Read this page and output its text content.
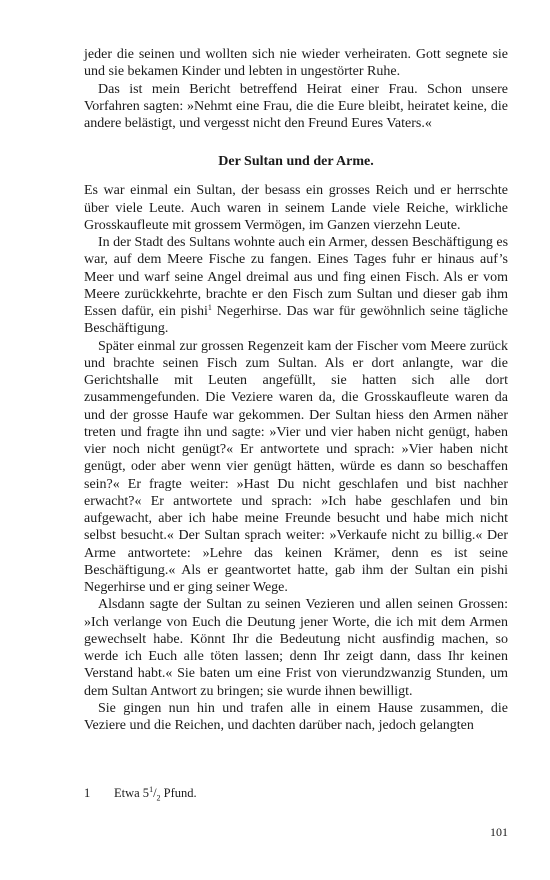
jeder die seinen und wollten sich nie wieder verheiraten. Gott segnete sie und sie bekamen Kinder und lebten in ungestörter Ruhe.

Das ist mein Bericht betreffend Heirat einer Frau. Schon unsere Vorfahren sagten: »Nehmt eine Frau, die die Eure bleibt, heiratet keine, die andere belästigt, und vergesst nicht den Freund Eures Vaters.«

Der Sultan und der Arme.

Es war einmal ein Sultan, der besass ein grosses Reich und er herrschte über viele Leute. Auch waren in seinem Lande viele Reiche, wirkliche Grosskaufleute mit grossem Vermögen, im Ganzen vierzehn Leute.

In der Stadt des Sultans wohnte auch ein Armer, dessen Beschäftigung es war, auf dem Meere Fische zu fangen. Eines Tages fuhr er hinaus auf’s Meer und warf seine Angel dreimal aus und fing einen Fisch. Als er vom Meere zurückkehrte, brachte er den Fisch zum Sultan und dieser gab ihm Essen dafür, ein pishi$^1$ Negerhirse. Das war für gewöhnlich seine tägliche Beschäftigung.

Später einmal zur grossen Regenzeit kam der Fischer vom Meere zurück und brachte seinen Fisch zum Sultan. Als er dort anlangte, war die Gerichtshalle mit Leuten angefüllt, sie hatten sich alle dort zusammengefunden. Die Veziere waren da, die Grosskaufleute waren da und der grosse Haufe war gekommen. Der Sultan hiess den Armen näher treten und fragte ihn und sagte: »Vier und vier haben nicht genügt, haben vier noch nicht genügt?« Er antwortete und sprach: »Vier haben nicht genügt, oder aber wenn vier genügt hätten, würde es dann so beschaffen sein?« Er fragte weiter: »Hast Du nicht geschlafen und bist nachher erwacht?« Er antwortete und sprach: »Ich habe geschlafen und bin aufgewacht, aber ich habe meine Freunde besucht und habe mich nicht selbst besucht.« Der Sultan sprach weiter: »Verkaufe nicht zu billig.« Der Arme antwortete: »Lehre das keinen Krämer, denn es ist seine Beschäftigung.« Als er geantwortet hatte, gab ihm der Sultan ein pishi Negerhirse und er ging seiner Wege.

Alsdann sagte der Sultan zu seinen Vezieren und allen seinen Grossen: »Ich verlange von Euch die Deutung jener Worte, die ich mit dem Armen gewechselt habe. Könnt Ihr die Bedeutung nicht ausfindig machen, so werde ich Euch alle töten lassen; denn Ihr zeigt dann, dass Ihr keinen Verstand habt.« Sie baten um eine Frist von vierundzwanzig Stunden, um dem Sultan Antwort zu bringen; sie wurde ihnen bewilligt.

Sie gingen nun hin und trafen alle in einem Hause zusammen, die Veziere und die Reichen, und dachten darüber nach, jedoch gelangten

1 Etwa $5^1/_2$ Pfund.
101
